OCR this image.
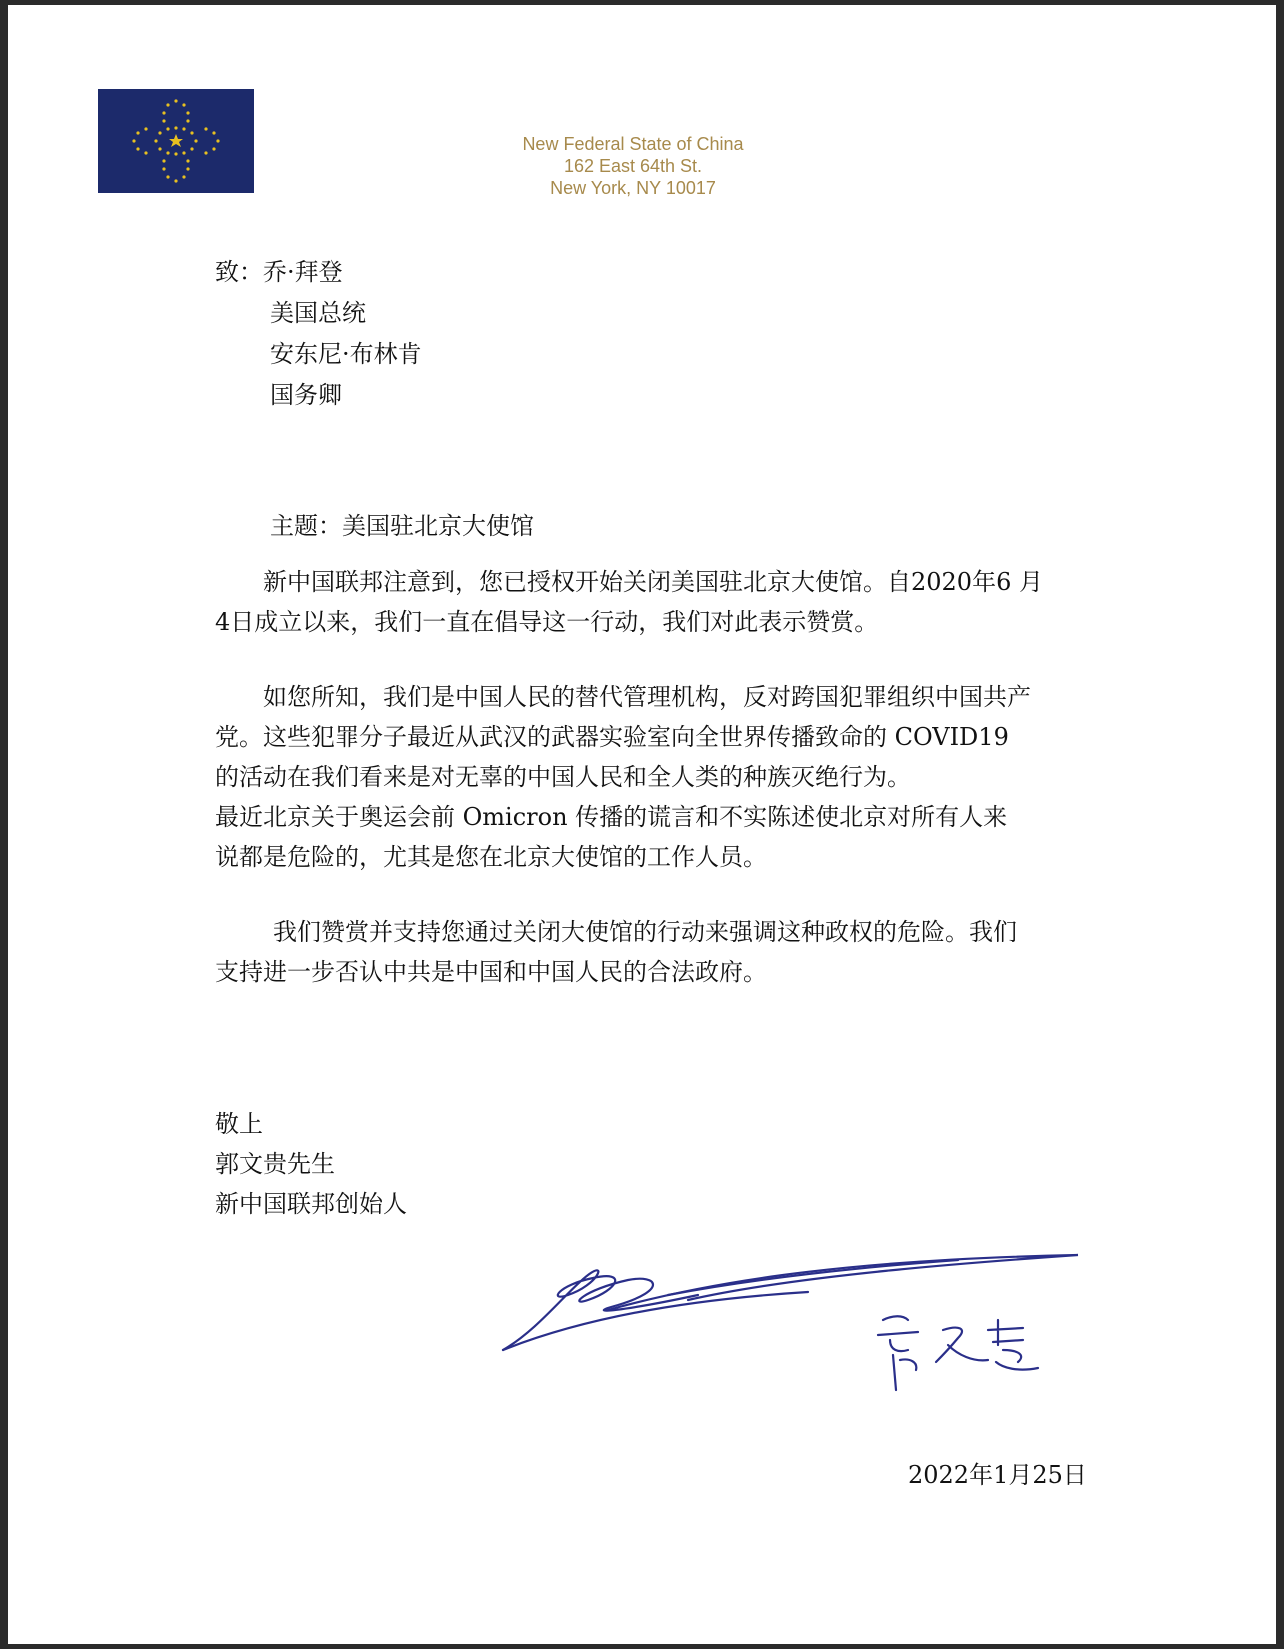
New Federal State of China
162 East 64th St.
New York, NY 10017
致：乔·拜登
美国总统
安东尼·布林肯
国务卿
主题：美国驻北京大使馆
新中国联邦注意到，您已授权开始关闭美国驻北京大使馆。自2020年6 月
4日成立以来，我们一直在倡导这一行动，我们对此表示赞赏。
如您所知，我们是中国人民的替代管理机构，反对跨国犯罪组织中国共产
党。这些犯罪分子最近从武汉的武器实验室向全世界传播致命的 COVID19
的活动在我们看来是对无辜的中国人民和全人类的种族灭绝行为。
最近北京关于奥运会前 Omicron 传播的谎言和不实陈述使北京对所有人来
说都是危险的，尤其是您在北京大使馆的工作人员。
我们赞赏并支持您通过关闭大使馆的行动来强调这种政权的危险。我们
支持进一步否认中共是中国和中国人民的合法政府。
敬上
郭文贵先生
新中国联邦创始人
2022年1月25日
